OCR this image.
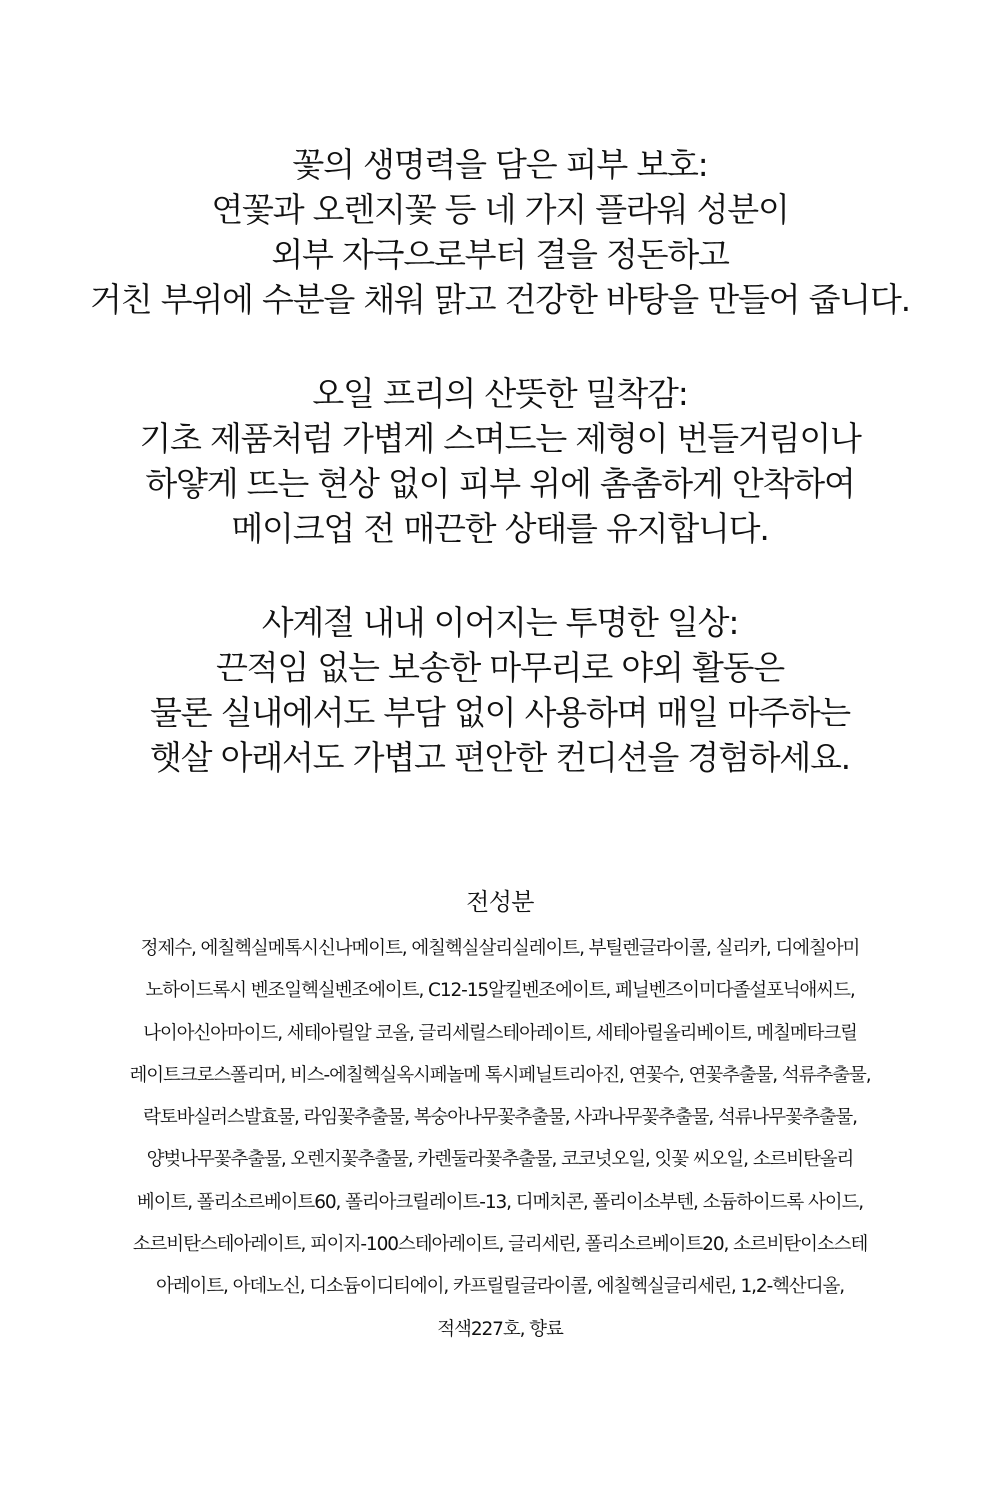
꽃의 생명력을 담은 피부 보호:
연꽃과 오렌지꽃 등 네 가지 플라워 성분이
외부 자극으로부터 결을 정돈하고
거친 부위에 수분을 채워 맑고 건강한 바탕을 만들어 줍니다.
오일 프리의 산뜻한 밀착감:
기초 제품처럼 가볍게 스며드는 제형이 번들거림이나
하얗게 뜨는 현상 없이 피부 위에 촘촘하게 안착하여
메이크업 전 매끈한 상태를 유지합니다.
사계절 내내 이어지는 투명한 일상:
끈적임 없는 보송한 마무리로 야외 활동은
물론 실내에서도 부담 없이 사용하며 매일 마주하는
햇살 아래서도 가볍고 편안한 컨디션을 경험하세요.
전성분
정제수, 에칠헥실메톡시신나메이트, 에칠헥실살리실레이트, 부틸렌글라이콜, 실리카, 디에칠아미
노하이드록시 벤조일헥실벤조에이트, C12-15알킬벤조에이트, 페닐벤즈이미다졸설포닉애씨드,
나이아신아마이드, 세테아릴알 코올, 글리세릴스테아레이트, 세테아릴올리베이트, 메칠메타크릴
레이트크로스폴리머, 비스-에칠헥실옥시페놀메 톡시페닐트리아진, 연꽃수, 연꽃추출물, 석류추출물,
락토바실러스발효물, 라임꽃추출물, 복숭아나무꽃추출물, 사과나무꽃추출물, 석류나무꽃추출물,
양벚나무꽃추출물, 오렌지꽃추출물, 카렌둘라꽃추출물, 코코넛오일, 잇꽃 씨오일, 소르비탄올리
베이트, 폴리소르베이트60, 폴리아크릴레이트-13, 디메치콘, 폴리이소부텐, 소듐하이드록 사이드,
소르비탄스테아레이트, 피이지-100스테아레이트, 글리세린, 폴리소르베이트20, 소르비탄이소스테
아레이트, 아데노신, 디소듐이디티에이, 카프릴릴글라이콜, 에칠헥실글리세린, 1,2-헥산디올,
적색227호, 향료
